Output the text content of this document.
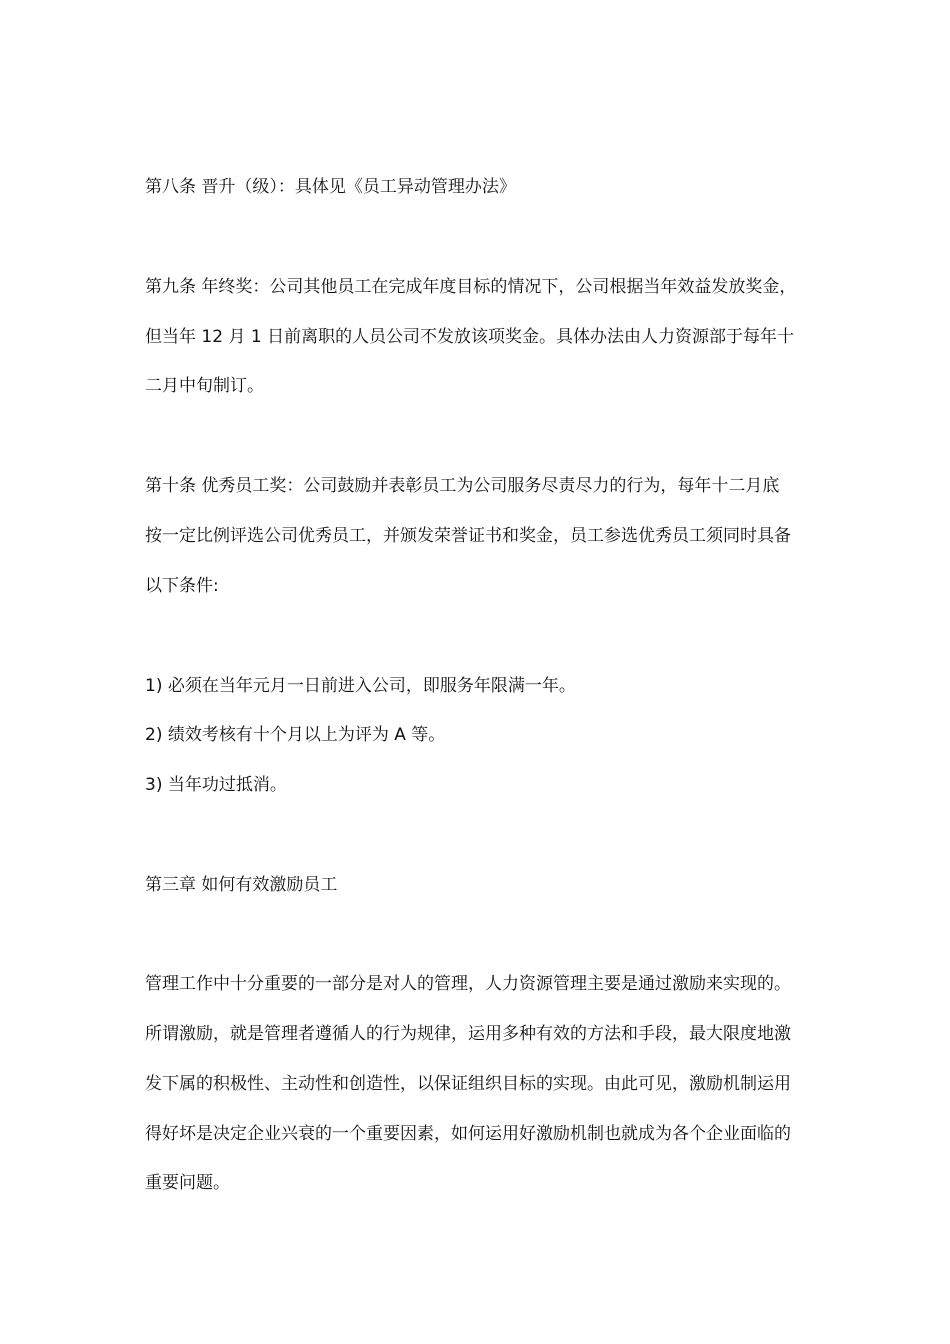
第八条 晋升（级）：具体见《员工异动管理办法》
第九条 年终奖：公司其他员工在完成年度目标的情况下，公司根据当年效益发放奖金，
但当年 12 月 1 日前离职的人员公司不发放该项奖金。具体办法由人力资源部于每年十
二月中旬制订。
第十条 优秀员工奖：公司鼓励并表彰员工为公司服务尽责尽力的行为，每年十二月底
按一定比例评选公司优秀员工，并颁发荣誉证书和奖金，员工参选优秀员工须同时具备
以下条件:
1) 必须在当年元月一日前进入公司，即服务年限满一年。
2) 绩效考核有十个月以上为评为 A 等。
3) 当年功过抵消。
第三章 如何有效激励员工
管理工作中十分重要的一部分是对人的管理，人力资源管理主要是通过激励来实现的。
所谓激励，就是管理者遵循人的行为规律，运用多种有效的方法和手段，最大限度地激
发下属的积极性、主动性和创造性，以保证组织目标的实现。由此可见，激励机制运用
得好坏是决定企业兴衰的一个重要因素，如何运用好激励机制也就成为各个企业面临的
重要问题。
